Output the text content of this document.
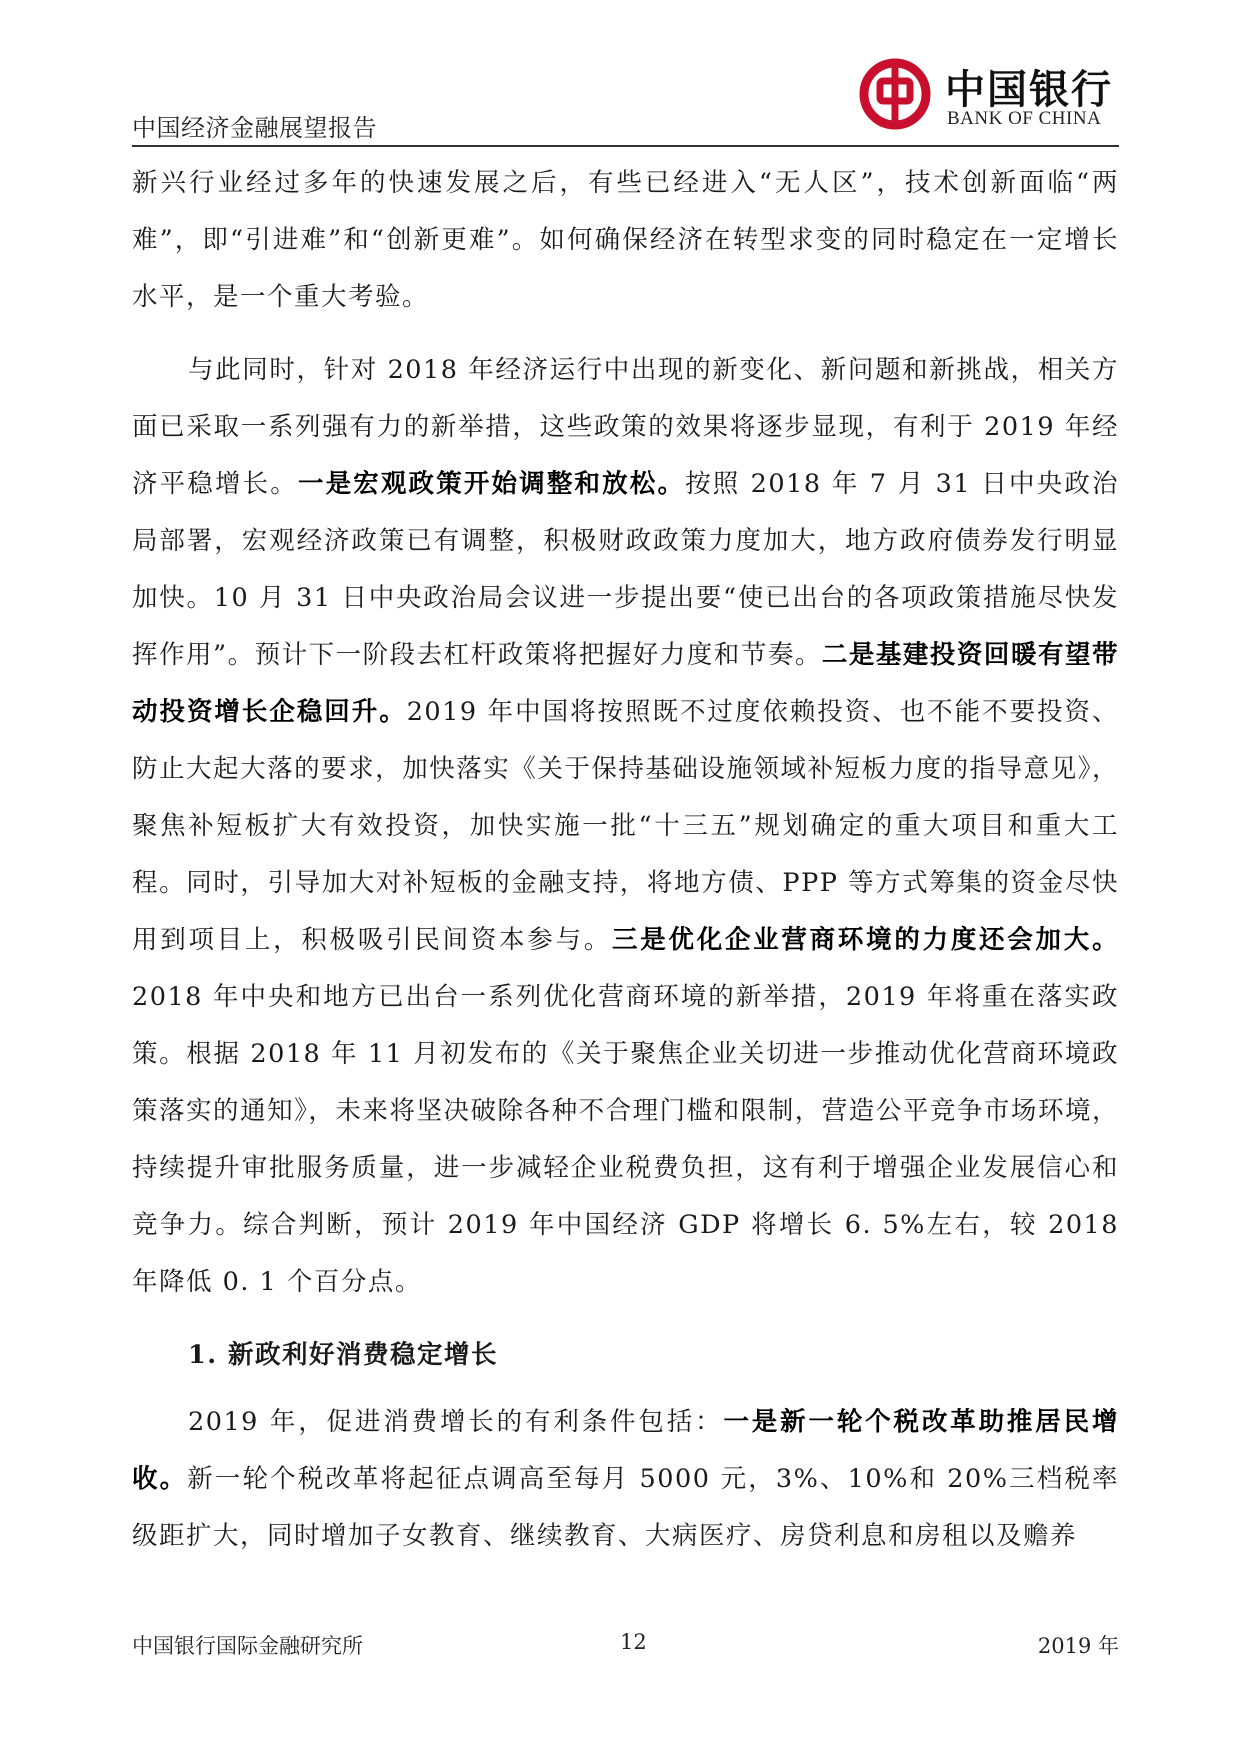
中国经济金融展望报告
中国银行
BANK OF CHINA

新兴行业经过多年的快速发展之后，有些已经进入“无人区”，技术创新面临“两难”，即“引进难”和“创新更难”。如何确保经济在转型求变的同时稳定在一定增长水平，是一个重大考验。

与此同时，针对 2018 年经济运行中出现的新变化、新问题和新挑战，相关方面已采取一系列强有力的新举措，这些政策的效果将逐步显现，有利于 2019 年经济平稳增长。一是宏观政策开始调整和放松。按照 2018 年 7 月 31 日中央政治局部署，宏观经济政策已有调整，积极财政政策力度加大，地方政府债券发行明显加快。10 月 31 日中央政治局会议进一步提出要“使已出台的各项政策措施尽快发挥作用”。预计下一阶段去杠杆政策将把握好力度和节奏。二是基建投资回暖有望带动投资增长企稳回升。2019 年中国将按照既不过度依赖投资、也不能不要投资、防止大起大落的要求，加快落实《关于保持基础设施领域补短板力度的指导意见》，聚焦补短板扩大有效投资，加快实施一批“十三五”规划确定的重大项目和重大工程。同时，引导加大对补短板的金融支持，将地方债、PPP 等方式筹集的资金尽快用到项目上，积极吸引民间资本参与。三是优化企业营商环境的力度还会加大。2018 年中央和地方已出台一系列优化营商环境的新举措，2019 年将重在落实政策。根据 2018 年 11 月初发布的《关于聚焦企业关切进一步推动优化营商环境政策落实的通知》，未来将坚决破除各种不合理门槛和限制，营造公平竞争市场环境，持续提升审批服务质量，进一步减轻企业税费负担，这有利于增强企业发展信心和竞争力。综合判断，预计 2019 年中国经济 GDP 将增长 6. 5%左右，较 2018 年降低 0. 1 个百分点。

1. 新政利好消费稳定增长

2019 年，促进消费增长的有利条件包括：一是新一轮个税改革助推居民增收。新一轮个税改革将起征点调高至每月 5000 元，3%、10%和 20%三档税率级距扩大，同时增加子女教育、继续教育、大病医疗、房贷利息和房租以及赡养

中国银行国际金融研究所	12	2019 年
